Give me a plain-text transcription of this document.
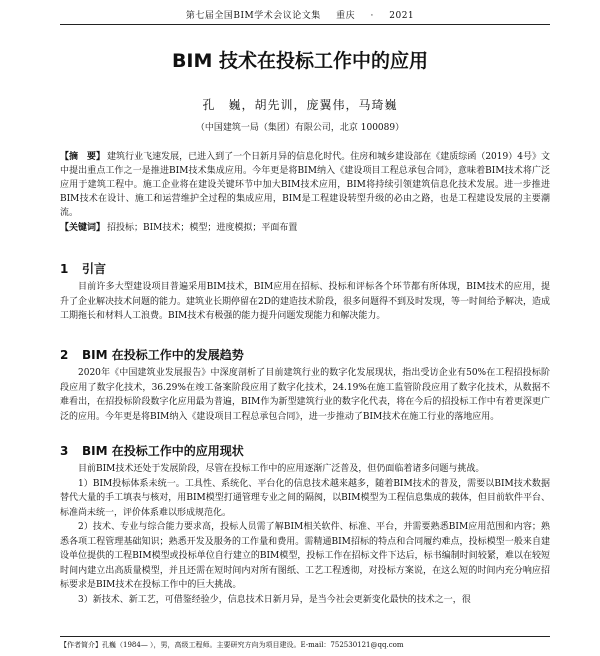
第七届全国BIM学术会议论文集 重庆 · 2021
BIM 技术在投标工作中的应用
孔　巍，胡先训，庞翼伟，马琦巍
（中国建筑一局（集团）有限公司，北京 100089）
【摘　要】 建筑行业飞速发展，已进入到了一个日新月异的信息化时代。住房和城乡建设部在《建质综函（2019）4号》文中提出重点工作之一是推进BIM技术集成应用。今年更是将BIM纳入《建设项目工程总承包合同》，意味着BIM技术将广泛应用于建筑工程中。施工企业将在建设关键环节中加大BIM技术应用，BIM将持续引领建筑信息化技术发展。进一步推进BIM技术在设计、施工和运营维护全过程的集成应用，BIM是工程建设转型升级的必由之路，也是工程建设发展的主要潮流。
【关键词】 招投标；BIM技术；模型；进度模拟；平面布置
1 引言

目前许多大型建设项目普遍采用BIM技术，BIM应用在招标、投标和评标各个环节都有所体现，BIM技术的应用，提升了企业解决技术问题的能力。建筑业长期停留在2D的建造技术阶段，很多问题得不到及时发现，等一时间给予解决，造成工期拖长和材料人工浪费。BIM技术有极强的能力提升问题发现能力和解决能力。

2 BIM 在投标工作中的发展趋势

2020年《中国建筑业发展报告》中深度剖析了目前建筑行业的数字化发展现状，指出受访企业有50%在工程招投标阶段应用了数字化技术，36.29%在竣工备案阶段应用了数字化技术，24.19%在施工监管阶段应用了数字化技术，从数据不难看出，在招投标阶段数字化应用最为普遍，BIM作为新型建筑行业的数字化代表，将在今后的招投标工作中有着更深更广泛的应用。今年更是将BIM纳入《建设项目工程总承包合同》，进一步推动了BIM技术在施工行业的落地应用。

3 BIM 在投标工作中的应用现状

目前BIM技术还处于发展阶段，尽管在投标工作中的应用逐渐广泛普及，但仍面临着诸多问题与挑战。

1）BIM投标体系未统一。工具性、系统化、平台化的信息技术越来越多，随着BIM技术的普及，需要以BIM技术数据替代大量的手工填表与核对，用BIM模型打通管理专业之间的隔阂，以BIM模型为工程信息集成的载体，但目前软件平台、标准尚未统一，评价体系难以形成规范化。

2）技术、专业与综合能力要求高，投标人员需了解BIM相关软件、标准、平台，并需要熟悉BIM应用范围和内容；熟悉各项工程管理基础知识；熟悉开发及服务的工作量和费用。需精通BIM招标的特点和合同履约难点，投标模型一般来自建设单位提供的工程BIM模型或投标单位自行建立的BIM模型，投标工作在招标文件下达后，标书编制时间较紧，难以在较短时间内建立出高质量模型，并且还需在短时间内对所有图纸、工艺工程透彻，对投标方案说，在这么短的时间内充分响应招标要求是BIM技术在投标工作中的巨大挑战。

3）新技术、新工艺，可借鉴经验少，信息技术日新月异，是当今社会更新变化最快的技术之一，很

【作者简介】孔巍（1984— ），男，高级工程师。主要研究方向为项目建设。E-mail：752530121@qq.com
